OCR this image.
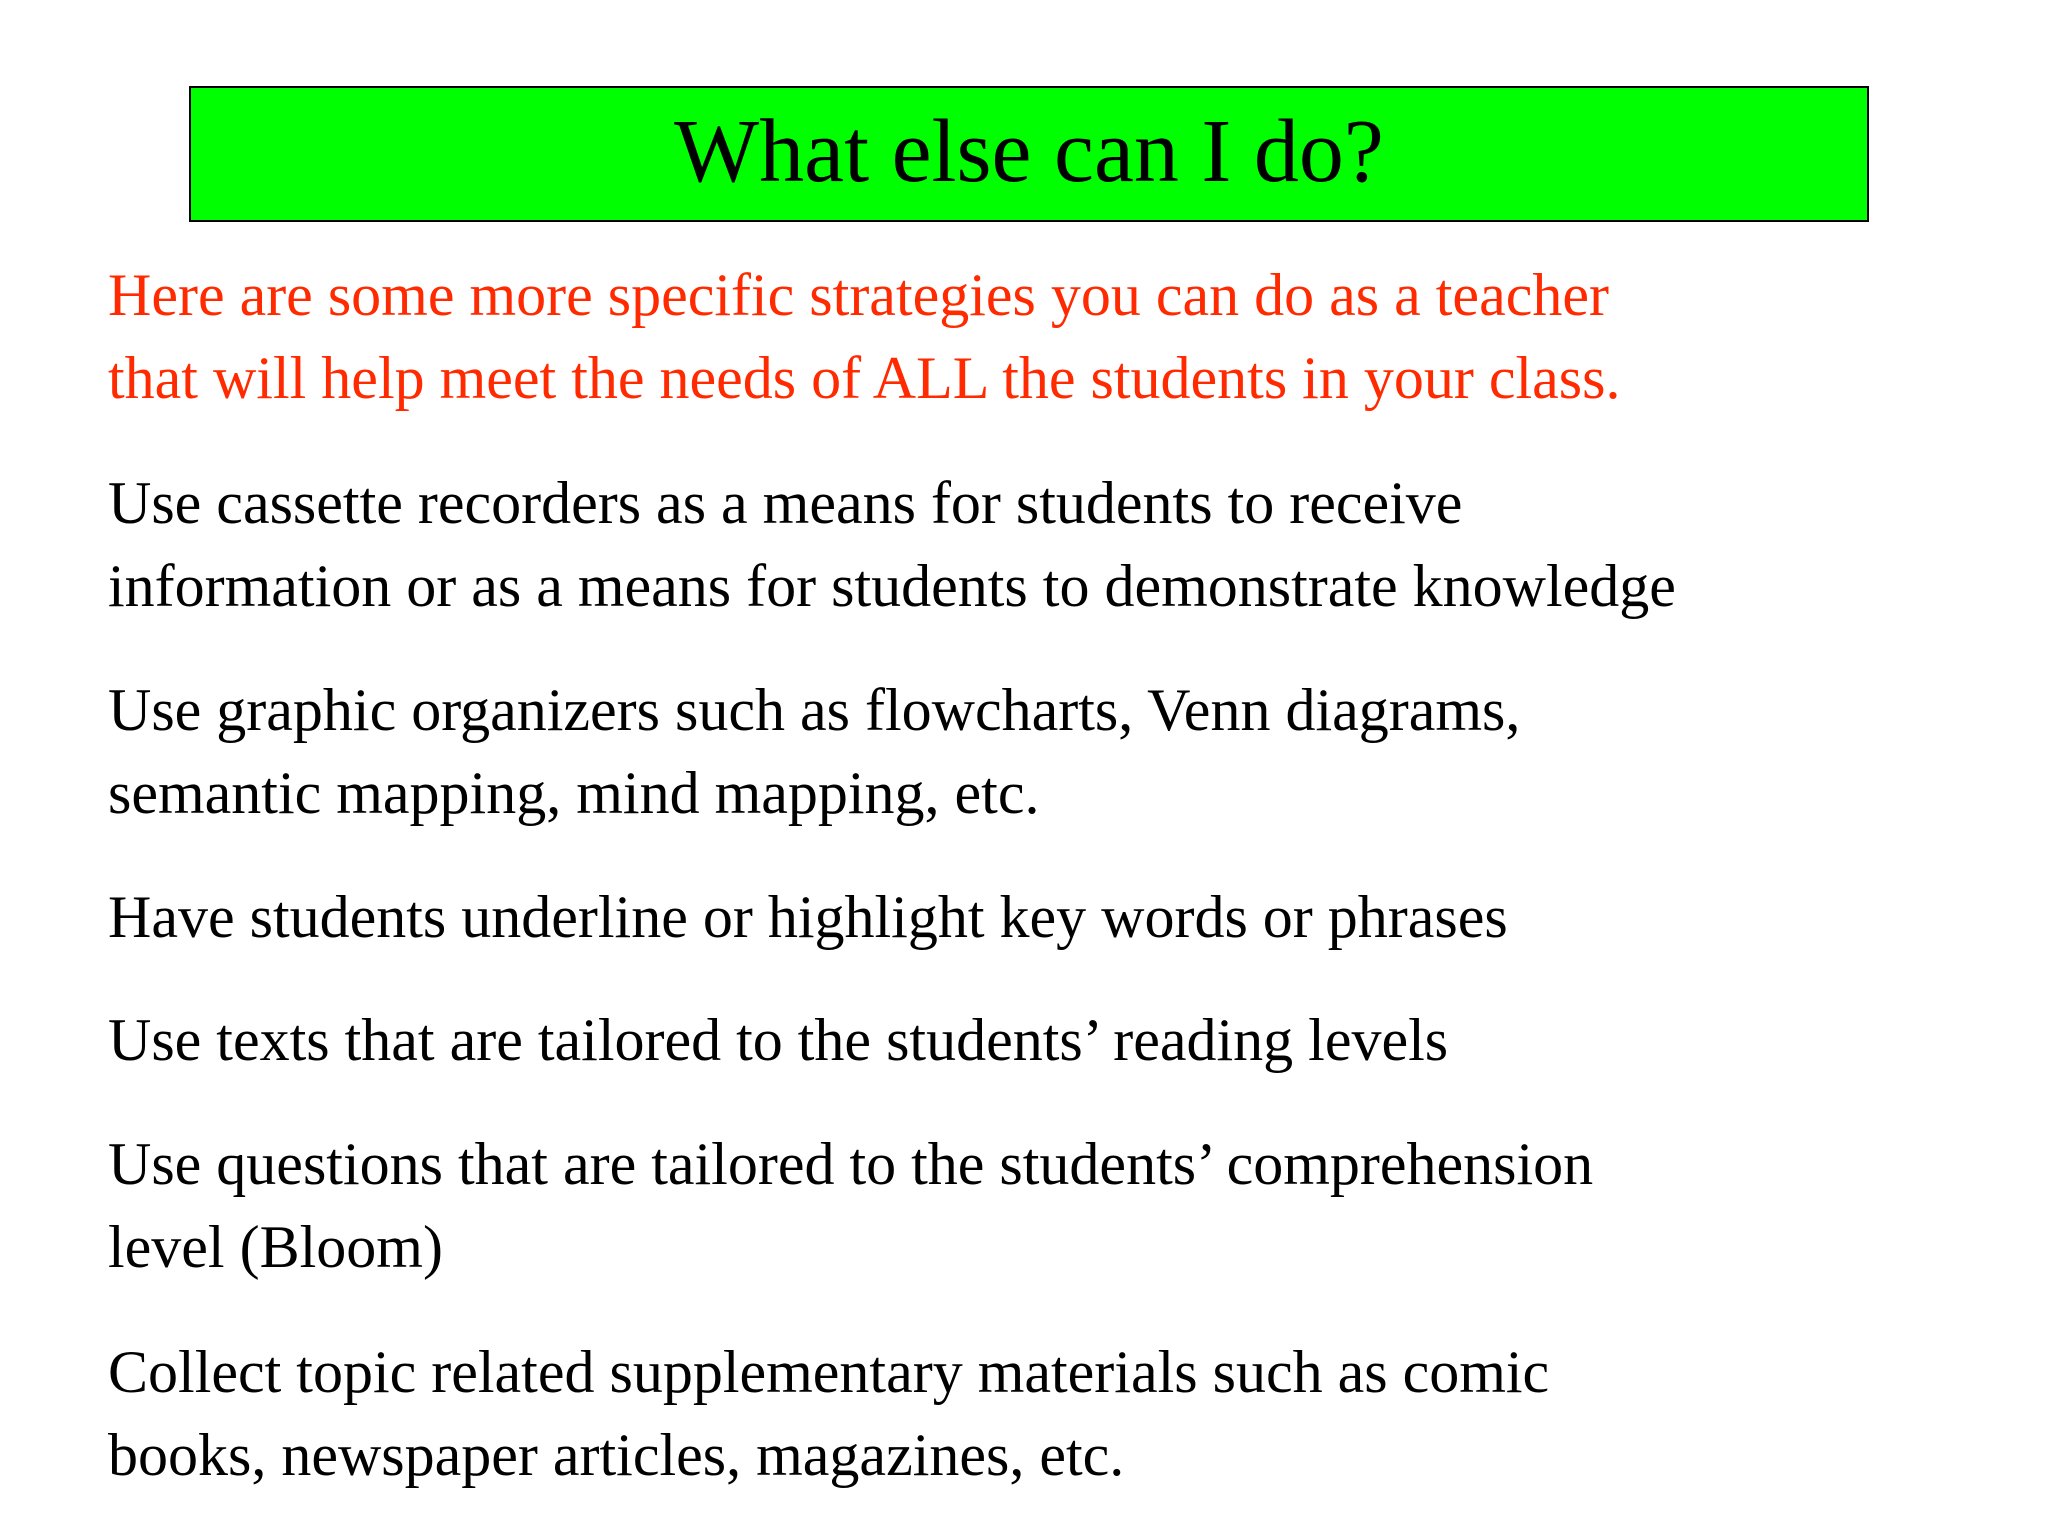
What else can I do?

Here are some more specific strategies you can do as a teacher
that will help meet the needs of ALL the students in your class.

Use cassette recorders as a means for students to receive
information or as a means for students to demonstrate knowledge

Use graphic organizers such as flowcharts, Venn diagrams,
semantic mapping, mind mapping, etc.

Have students underline or highlight key words or phrases

Use texts that are tailored to the students’ reading levels

Use questions that are tailored to the students’ comprehension
level (Bloom)

Collect topic related supplementary materials such as comic
books, newspaper articles, magazines, etc.
